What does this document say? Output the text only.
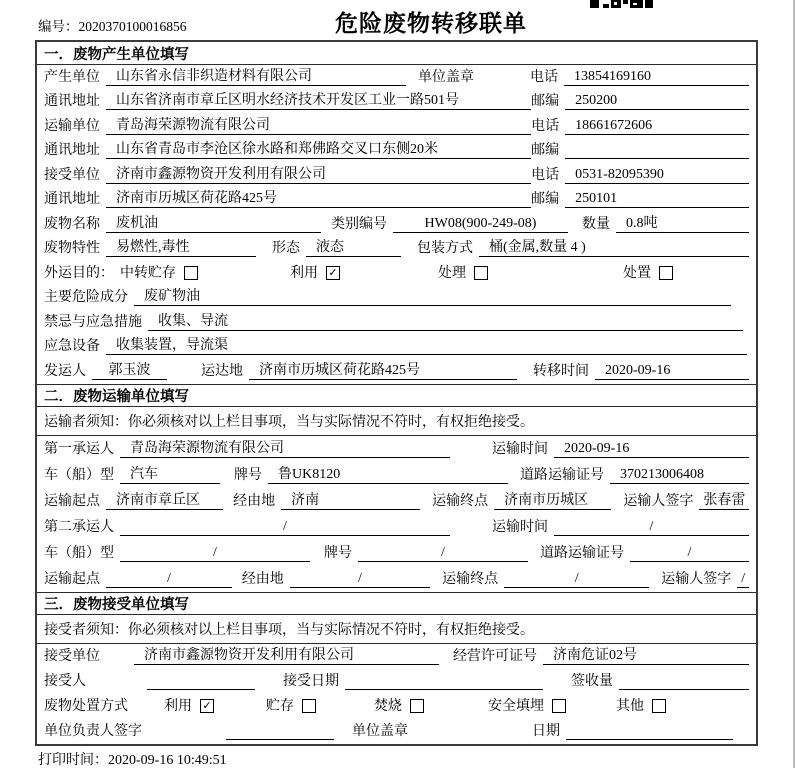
编号：2020370100016856	危险废物转移联单
一．废物产生单位填写
产生单位	山东省永信非织造材料有限公司	单位盖章	电话	13854169160
通讯地址	山东省济南市章丘区明水经济技术开发区工业一路501号	邮编	250200
运输单位	青岛海荣源物流有限公司	电话	18661672606
通讯地址	山东省青岛市李沧区徐水路和郑佛路交叉口东侧20米	邮编
接受单位	济南市鑫源物资开发利用有限公司	电话	0531-82095390
通讯地址	济南市历城区荷花路425号	邮编	250101
废物名称	废机油	类别编号	HW08(900-249-08)	数量	0.8吨
废物特性	易燃性,毒性	形态	液态	包装方式	桶(金属,数量 4 )
外运目的： 中转贮存	利用 ✓	处理	处置
主要危险成分	废矿物油
禁忌与应急措施	收集、导流
应急设备	收集装置，导流渠
发运人	郭玉波	运达地	济南市历城区荷花路425号	转移时间	2020-09-16
二．废物运输单位填写
运输者须知：你必须核对以上栏目事项，当与实际情况不符时，有权拒绝接受。
第一承运人	青岛海荣源物流有限公司	运输时间	2020-09-16
车（船）型	汽车	牌号	鲁UK8120	道路运输证号	370213006408
运输起点	济南市章丘区	经由地	济南	运输终点	济南市历城区	运输人签字 张春雷
第二承运人	/	运输时间	/
车（船）型	/	牌号	/	道路运输证号	/
运输起点	/	经由地	/	运输终点	/	运输人签字 /
三．废物接受单位填写
接受者须知：你必须核对以上栏目事项，当与实际情况不符时，有权拒绝接受。
接受单位	济南市鑫源物资开发利用有限公司	经营许可证号	济南危证02号
接受人	接受日期	签收量
废物处置方式	利用 ✓	贮存	焚烧	安全填埋	其他
单位负责人签字	单位盖章	日期
打印时间：2020-09-16 10:49:51
